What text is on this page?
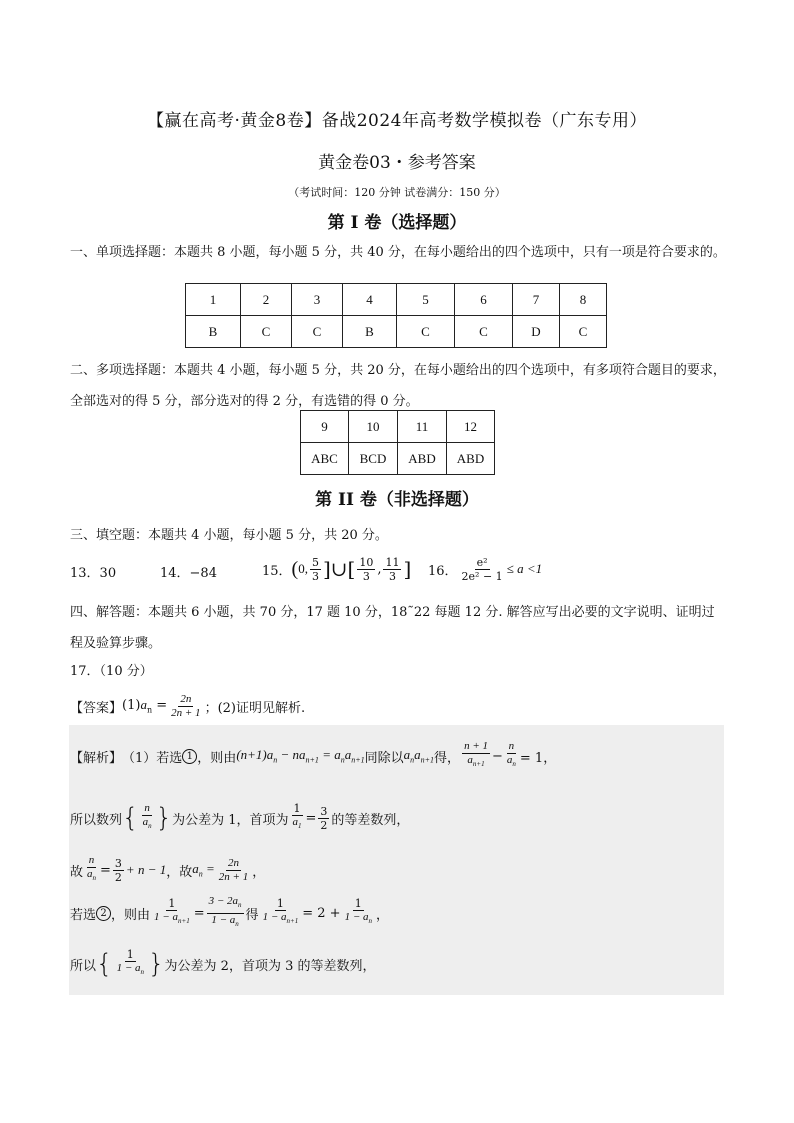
【赢在高考·黄金8卷】备战2024年高考数学模拟卷（广东专用）
黄金卷03・参考答案
（考试时间：120 分钟 试卷满分：150 分）
第 I 卷（选择题）
一、单项选择题：本题共 8 小题，每小题 5 分，共 40 分，在每小题给出的四个选项中，只有一项是符合要求的。
1	2	3	4	5	6	7	8
B	C	C	B	C	C	D	C
二、多项选择题：本题共 4 小题，每小题 5 分，共 20 分，在每小题给出的四个选项中，有多项符合题目的要求，全部选对的得 5 分，部分选对的得 2 分，有选错的得 0 分。
9	10	11	12
ABC	BCD	ABD	ABD
第 II 卷（非选择题）
三、填空题：本题共 4 小题，每小题 5 分，共 20 分。
13．30	14．−84	15． ( 0, $\frac{5}{3}$ ]∪[ $\frac{10}{3}$ , $\frac{11}{3}$ ] 16． $\frac{\text{e²}}{\text{2e² − 1}} \le a <1$
四、解答题：本题共 6 小题，共 70 分，17 题 10 分，18˜22 每题 12 分. 解答应写出必要的文字说明、证明过程及验算步骤。
17．（10 分）
【答案】 $(1)a_n = \frac{2n}{2n + 1}$ ；(2)证明见解析.
【解析】 （1）若选 1 ，则由 $(n+1)a_n - na_{n+1} = a_na_{n+1}$ 同除以 $a_na_{n+1}$ 得， $\frac{n + 1}{a_{n+1}} - \frac{n}{a_n} = 1$，
所以数列 { $\frac{n}{a_n}$ } 为公差为 1，首项为 $\frac{1}{a_1} = \frac{3}{2}$ 的等差数列，
故 $\frac{n}{a_n} = \frac{3}{2} + n - 1$ ，故 $a_n = \frac{2n}{2n + 1}$ ，
若选 2 ，则由 $\frac{1}{1 - a_{n+1}} = \frac{3 - 2a_n}{1 - a_n}$ 得 $\frac{1}{1 - a_{n+1}} = 2 + \frac{1}{1 - a_n}$ ，
所以 { $\frac{1}{1 - a_n}$ } 为公差为 2，首项为 3 的等差数列，
